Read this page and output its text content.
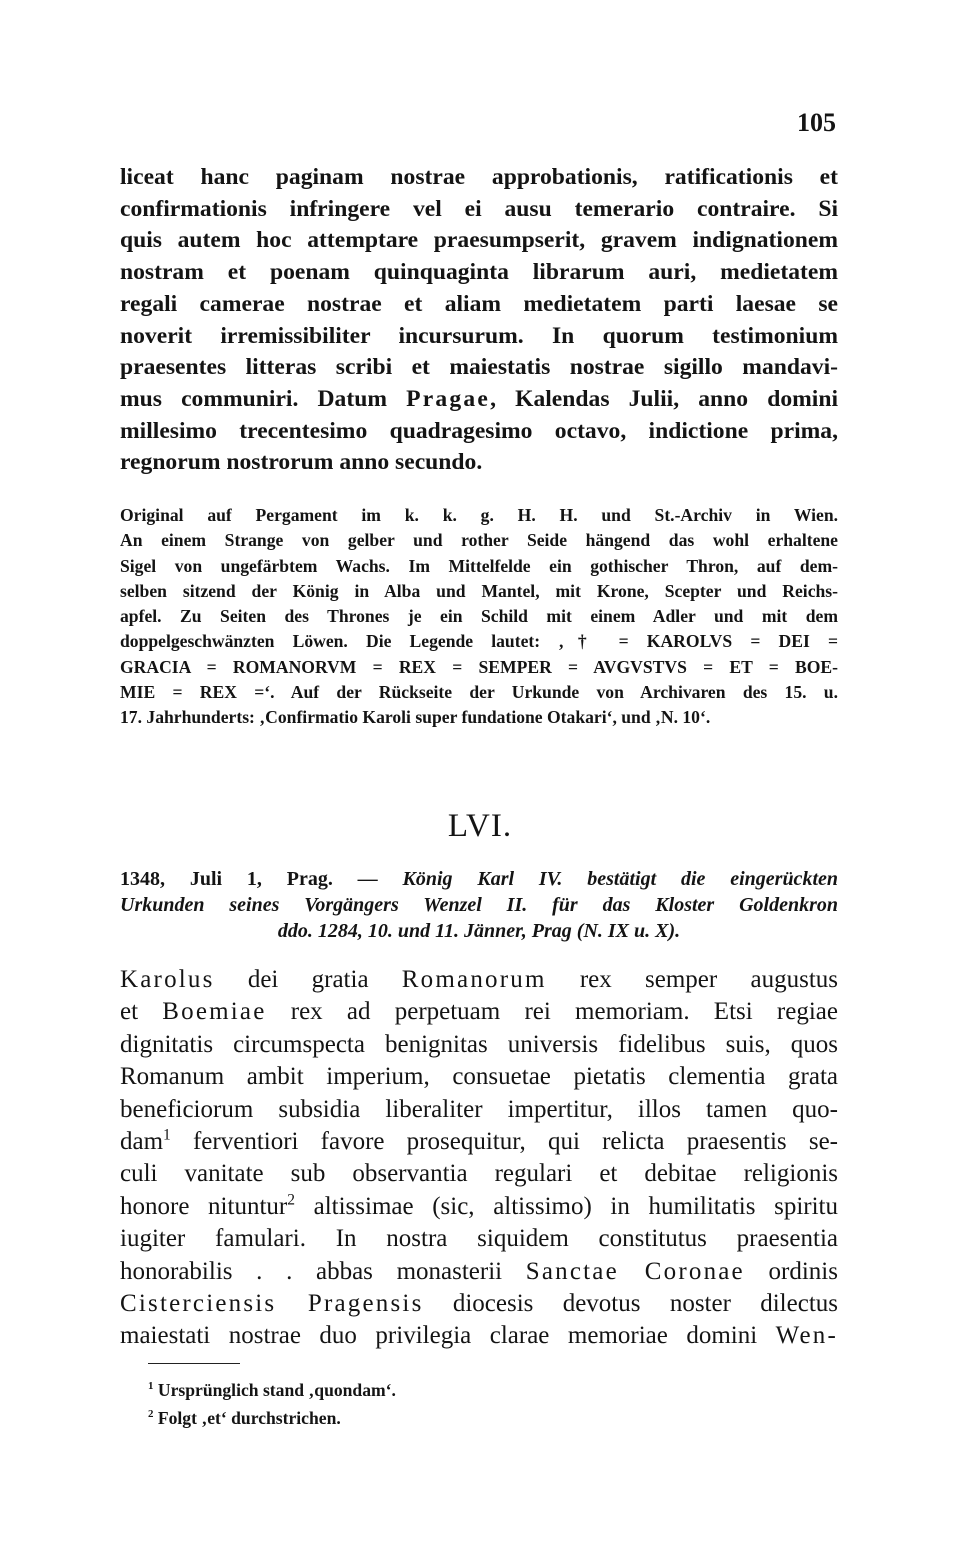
105
liceat hanc paginam nostrae approbationis, ratificationis et
confirmationis infringere vel ei ausu temerario contraire. Si
quis autem hoc attemptare praesumpserit, gravem indignationem
nostram et poenam quinquaginta librarum auri, medietatem
regali camerae nostrae et aliam medietatem parti laesae se
noverit irremissibiliter incursurum. In quorum testimonium
praesentes litteras scribi et maiestatis nostrae sigillo mandavi-
mus communiri. Datum Pragae, Kalendas Julii, anno domini
millesimo trecentesimo quadragesimo octavo, indictione prima,
regnorum nostrorum anno secundo.
Original auf Pergament im k. k. g. H. H. und St.-Archiv in Wien.
An einem Strange von gelber und rother Seide hängend das wohl erhaltene
Sigel von ungefärbtem Wachs. Im Mittelfelde ein gothischer Thron, auf dem-
selben sitzend der König in Alba und Mantel, mit Krone, Scepter und Reichs-
apfel. Zu Seiten des Thrones je ein Schild mit einem Adler und mit dem
doppelgeschwänzten Löwen. Die Legende lautet: ‚† = KAROLVS = DEI =
GRACIA = ROMANORVM = REX = SEMPER = AVGVSTVS = ET = BOE-
MIE = REX =‘. Auf der Rückseite der Urkunde von Archivaren des 15. u.
17. Jahrhunderts: ‚Confirmatio Karoli super fundatione Otakari‘, und ‚N. 10‘.
LVI.
1348, Juli 1, Prag. — König Karl IV. bestätigt die eingerückten
Urkunden seines Vorgängers Wenzel II. für das Kloster Goldenkron
ddo. 1284, 10. und 11. Jänner, Prag (N. IX u. X).
Karolus dei gratia Romanorum rex semper augustus
et Boemiae rex ad perpetuam rei memoriam. Etsi regiae
dignitatis circumspecta benignitas universis fidelibus suis, quos
Romanum ambit imperium, consuetae pietatis clementia grata
beneficiorum subsidia liberaliter impertitur, illos tamen quo-
dam$^1$ ferventiori favore prosequitur, qui relicta praesentis se-
culi vanitate sub observantia regulari et debitae religionis
honore nituntur$^2$ altissimae (sic, altissimo) in humilitatis spiritu
iugiter famulari. In nostra siquidem constitutus praesentia
honorabilis . . abbas monasterii Sanctae Coronae ordinis
Cisterciensis Pragensis diocesis devotus noster dilectus
maiestati nostrae duo privilegia clarae memoriae domini Wen-
$^1$ Ursprünglich stand ‚quondam‘.
$^2$ Folgt ‚et‘ durchstrichen.
